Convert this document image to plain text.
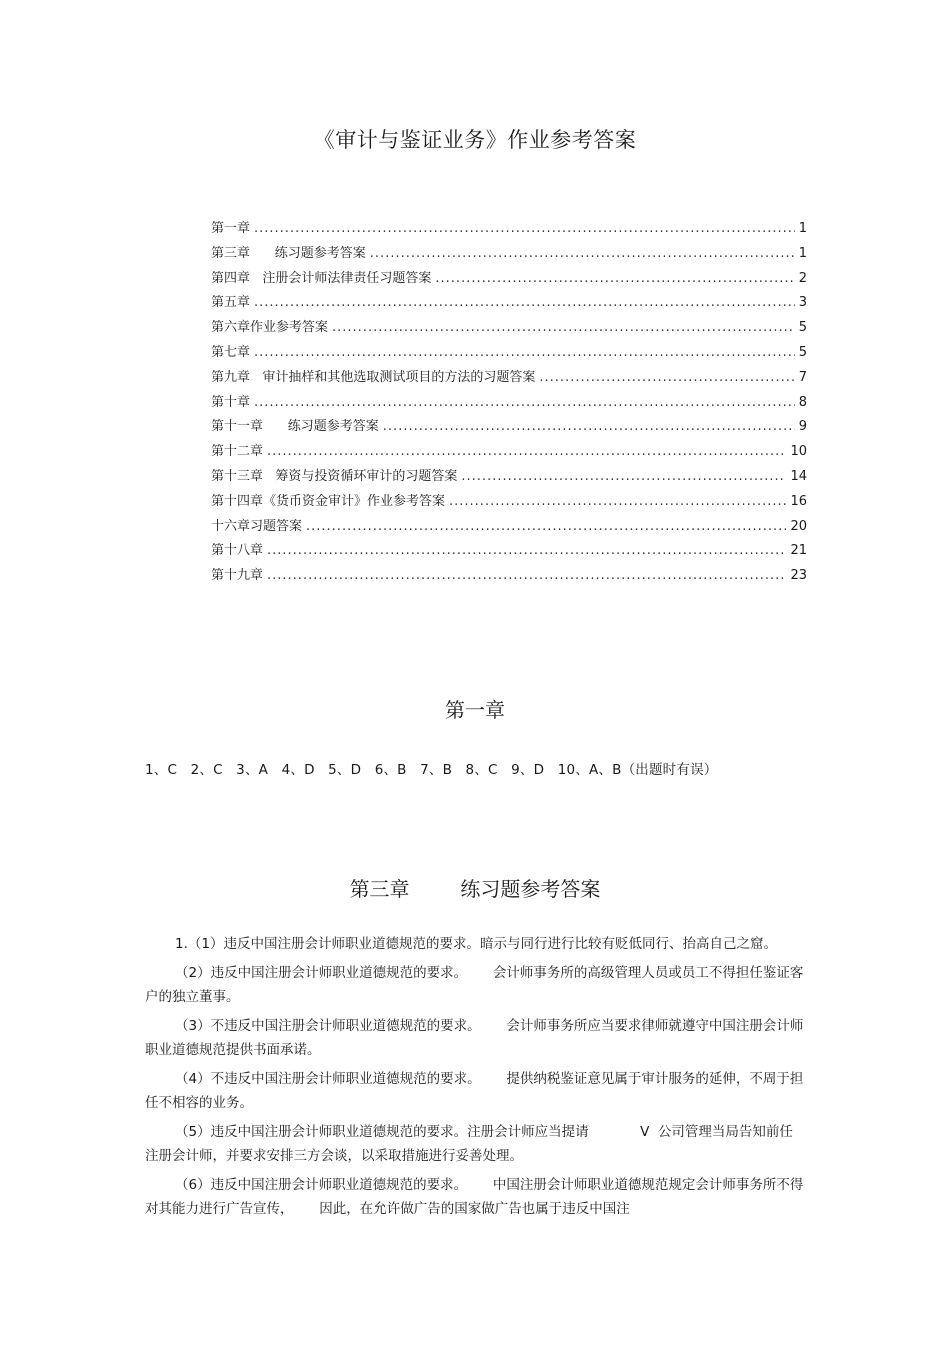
《审计与鉴证业务》作业参考答案
第一章 .....	1
第三章      练习题参考答案 .....	1
第四章   注册会计师法律责任习题答案 .....	2
第五章 .....	3
第六章作业参考答案 .....	5
第七章 .....	5
第九章   审计抽样和其他选取测试项目的方法的习题答案 .....	7
第十章 .....	8
第十一章      练习题参考答案 .....	9
第十二章 .....	10
第十三章   筹资与投资循环审计的习题答案 .....	14
第十四章《货币资金审计》作业参考答案 .....	16
十六章习题答案 .....	20
第十八章 .....	21
第十九章 .....	23
第一章
1、C   2、C   3、A   4、D   5、D   6、B   7、B   8、C   9、D   10、A、B（出题时有误）
第三章        练习题参考答案

1.（1）违反中国注册会计师职业道德规范的要求。暗示与同行进行比较有贬低同行、抬高自己之窟。

（2）违反中国注册会计师职业道德规范的要求。      会计师事务所的高级管理人员或员工不得担任鉴证客户的独立董事。

（3）不违反中国注册会计师职业道德规范的要求。      会计师事务所应当要求律师就遵守中国注册会计师职业道德规范提供书面承诺。

（4）不违反中国注册会计师职业道德规范的要求。      提供纳税鉴证意见属于审计服务的延伸，不周于担任不相容的业务。

（5）违反中国注册会计师职业道德规范的要求。注册会计师应当提请            V  公司管理当局告知前任注册会计师，并要求安排三方会谈，以采取措施进行妥善处理。

（6）违反中国注册会计师职业道德规范的要求。      中国注册会计师职业道德规范规定会计师事务所不得对其能力进行广告宣传，      因此，在允许做广告的国家做广告也属于违反中国注
